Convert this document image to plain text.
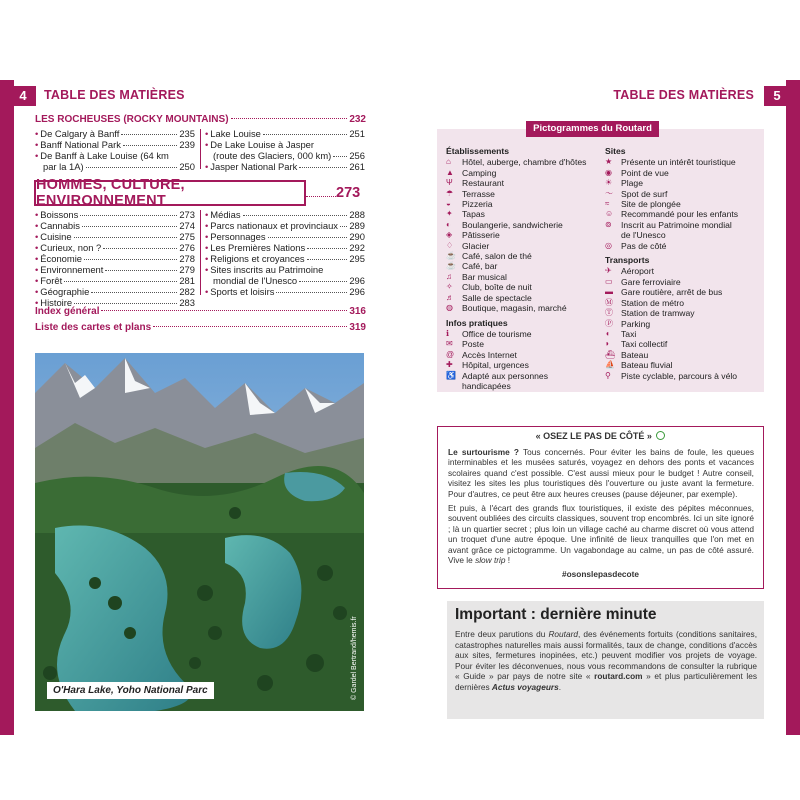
4	TABLE DES MATIÈRES
LES ROCHEUSES (ROCKY MOUNTAINS)	232
• De Calgary à Banff	235
• Banff National Park	239
• De Banff à Lake Louise (64 km
par la 1A)	250
• Lake Louise	251
• De Lake Louise à Jasper
(route des Glaciers, 000 km) 256
• Jasper National Park	261
HOMMES, CULTURE, ENVIRONNEMENT	273
• Boissons	273
• Cannabis	274
• Cuisine	275
• Curieux, non ?	276
• Économie	278
• Environnement	279
• Forêt	281
• Géographie	282
• Histoire	283
• Médias	288
• Parcs nationaux et provinciaux 289
• Personnages	290
• Les Premières Nations	292
• Religions et croyances	295
• Sites inscrits au Patrimoine
mondial de l'Unesco	296
• Sports et loisirs	296
Index général	316
Liste des cartes et plans	319
O'Hara Lake, Yoho National Parc	© Gardel Bertrand/hemis.fr
5
TABLE DES MATIÈRES
Pictogrammes du Routard
Établissements
⌂	Hôtel, auberge, chambre d'hôtes
▲ Camping
Ψ	Restaurant
☂	Terrasse
◒	Pizzeria
✦	Tapas
◐	Boulangerie, sandwicherie
◈	Pâtisserie
♢	Glacier
☕ Café, salon de thé
☕ Café, bar
♫	Bar musical
✧	Club, boîte de nuit
♬ Salle de spectacle
◍	Boutique, magasin, marché
Infos pratiques
ℹ	Office de tourisme
✉	Poste
@ Accès Internet
✚	Hôpital, urgences
♿ Adapté aux personnes
handicapées
Sites
★	Présente un intérêt touristique
◉	Point de vue
☀	Plage
〜 Spot de surf
≈	Site de plongée
☺ Recommandé pour les enfants
⊚	Inscrit au Patrimoine mondial
de l'Unesco
◎	Pas de côté
Transports
✈	Aéroport
▭ Gare ferroviaire
▬ Gare routière, arrêt de bus
Ⓜ Station de métro
Ⓣ Station de tramway
Ⓟ Parking
◖	Taxi
◗	Taxi collectif
⛴ Bateau
⛵ Bateau fluvial
⚲	Piste cyclable, parcours à vélo
« OSEZ LE PAS DE CÔTÉ »

Le surtourisme ? Tous concernés. Pour éviter les bains de foule, les queues interminables et les musées saturés, voyagez en dehors des ponts et vacances scolaires quand c'est possible. C'est aussi mieux pour le budget ! Autre conseil, visitez les sites les plus touristiques dès l'ouverture ou juste avant la fermeture. Pour d'autres, ce peut être aux heures creuses (pause déjeuner, par exemple).

Et puis, à l'écart des grands flux touristiques, il existe des pépites méconnues, souvent oubliées des circuits classiques, souvent trop encombrés. Ici un site ignoré ; là un quartier secret ; plus loin un village caché au charme discret où vous attend un troquet d'une autre époque. Une infinité de lieux tranquilles que l'on met en avant grâce ce pictogramme. Un vagabondage au calme, un pas de côté assuré. Vive le slow trip !

#osonslepasdecote
Important : dernière minute
Entre deux parutions du Routard, des événements fortuits (conditions sanitaires, catastrophes naturelles mais aussi formalités, taux de change, conditions d'accès aux sites, fermetures inopinées, etc.) peuvent modifier vos projets de voyage. Pour éviter les déconvenues, nous vous recommandons de consulter la rubrique « Guide » par pays de notre site « routard.com » et plus particulièrement les dernières Actus voyageurs.
